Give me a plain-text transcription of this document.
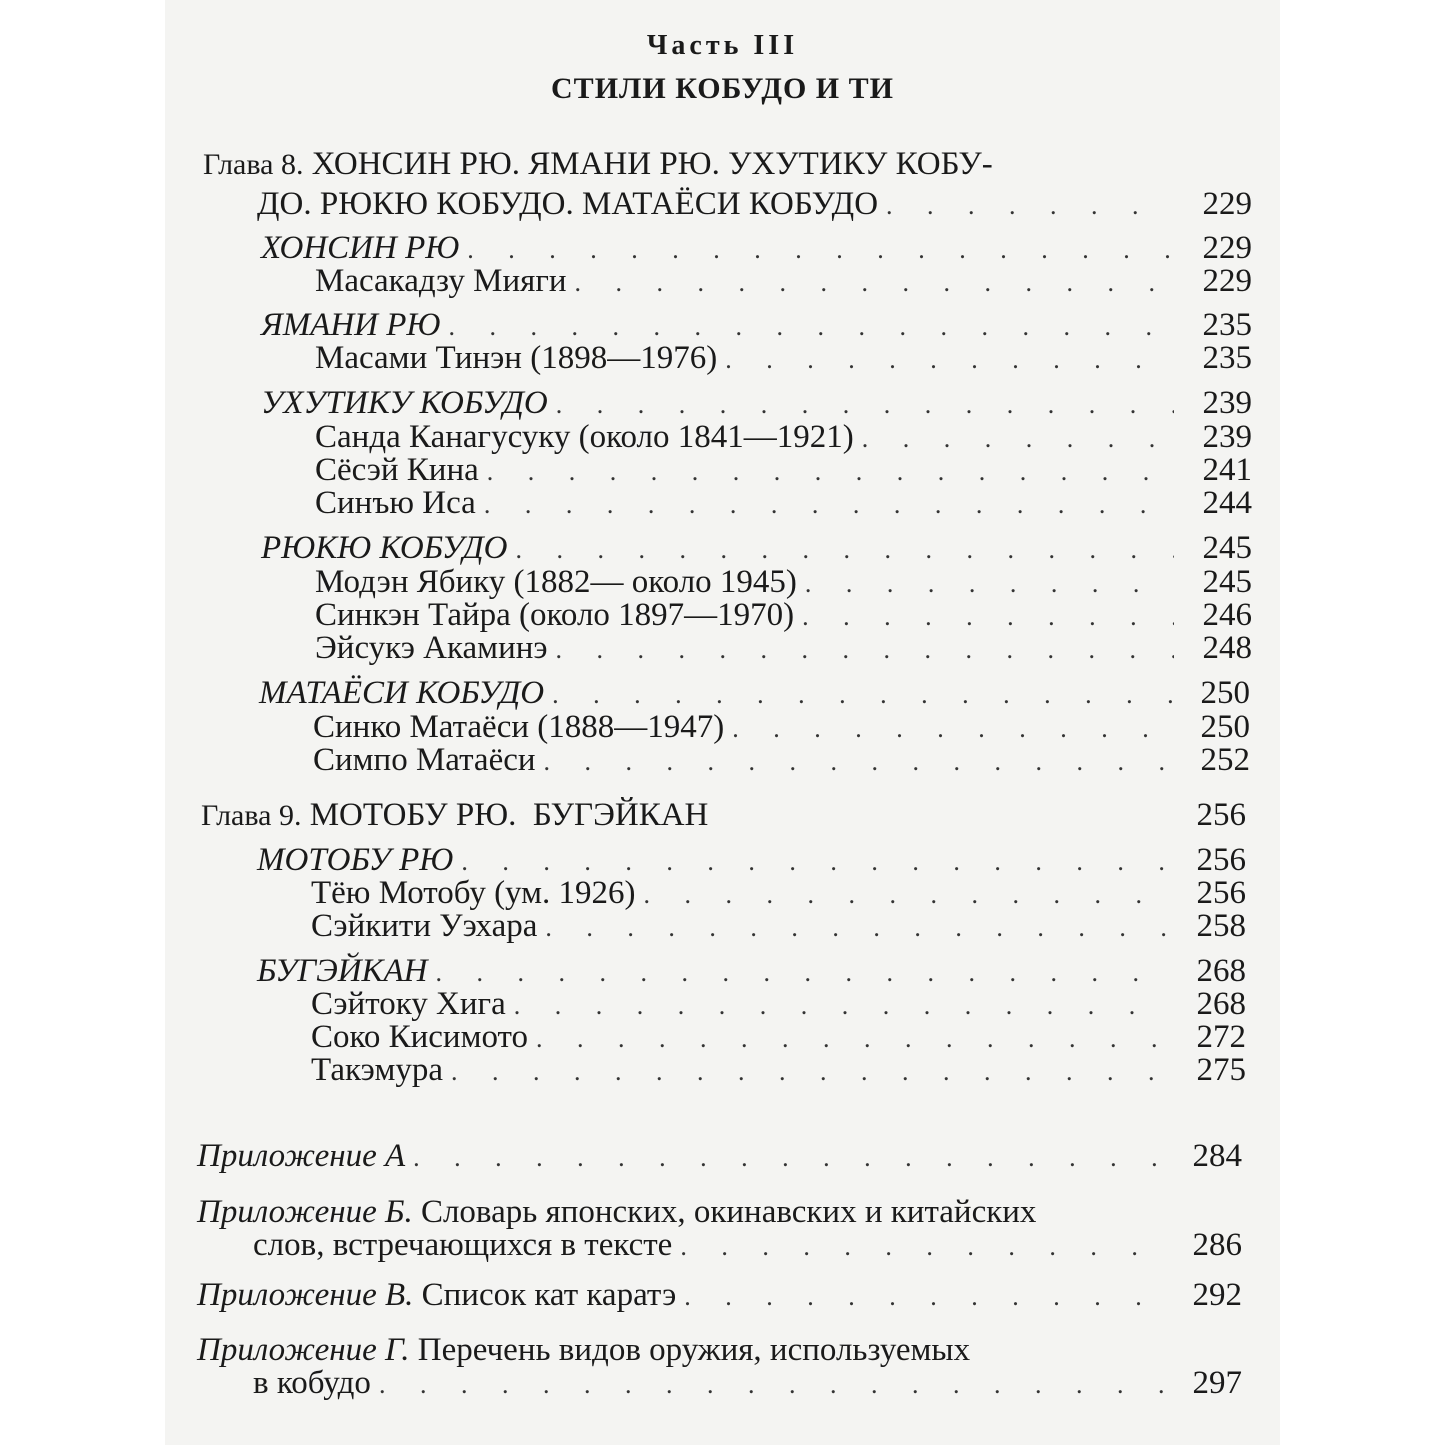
Часть III
СТИЛИ КОБУДО И ТИ
Глава 8. ХОНСИН РЮ. ЯМАНИ РЮ. УХУТИКУ КОБУ-
ДО. РЮКЮ КОБУДО. МАТАЁСИ КОБУДО . . .	229
ХОНСИН РЮ . . .	229
Масакадзу Мияги . . .	229
ЯМАНИ РЮ . . .	235
Масами Тинэн (1898—1976) . . .	235
УХУТИКУ КОБУДО . . .	239
Санда Канагусуку (около 1841—1921) . . .	239
Сёсэй Кина . . .	241
Синъю Иса . . .	244
РЮКЮ КОБУДО . . .	245
Модэн Ябику (1882— около 1945) . . .	245
Синкэн Тайра (около 1897—1970) . . .	246
Эйсукэ Акаминэ . . .	248
МАТАЁСИ КОБУДО . . .	250
Синко Матаёси (1888—1947) . . .	250
Симпо Матаёси . . .	252
Глава 9. МОТОБУ РЮ.  БУГЭЙКАН	256
МОТОБУ РЮ . . .	256
Тёю Мотобу (ум. 1926) . . .	256
Сэйкити Уэхара . . .	258
БУГЭЙКАН . . .	268
Сэйтоку Хига . . .	268
Соко Кисимото . . .	272
Такэмура . . .	275
Приложение А . . .	284
Приложение Б. Словарь японских, окинавских и китайских
слов, встречающихся в тексте . . .	286
Приложение В. Список кат каратэ . . .	292
Приложение Г. Перечень видов оружия, используемых
в кобудо . . .	297
